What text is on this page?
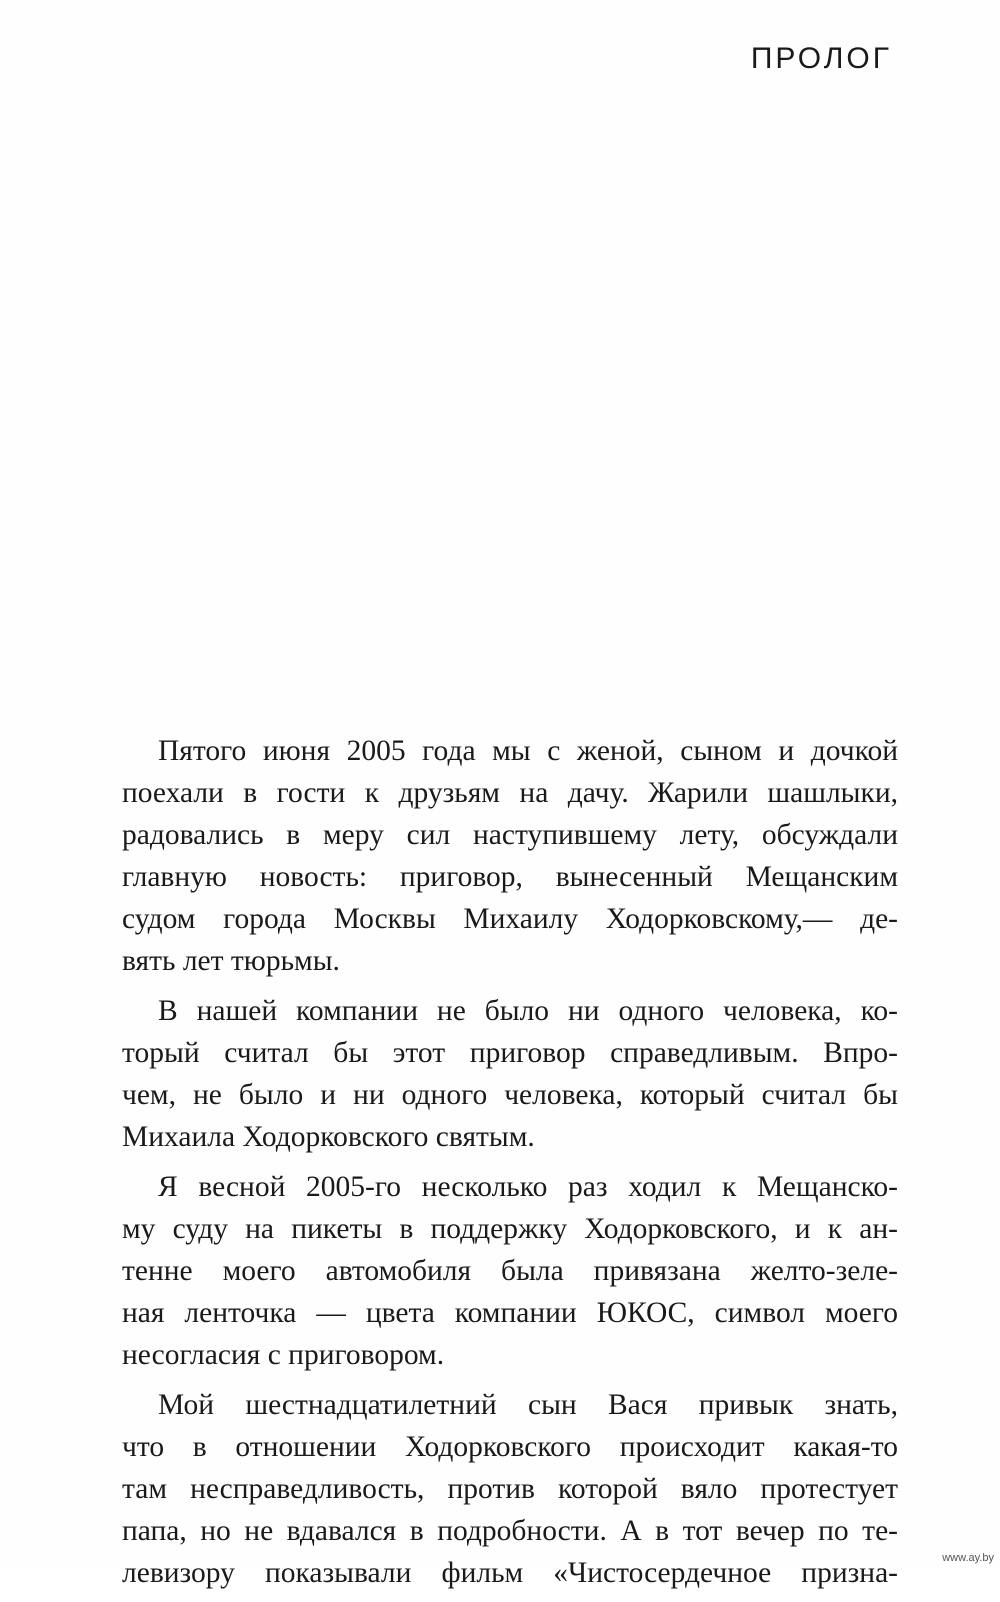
ПРОЛОГ

Пятого июня 2005 года мы с женой, сыном и дочкой
поехали в гости к друзьям на дачу. Жарили шашлыки,
радовались в меру сил наступившему лету, обсуждали
главную новость: приговор, вынесенный Мещанским
судом города Москвы Михаилу Ходорковскому,— де-
вять лет тюрьмы.

В нашей компании не было ни одного человека, ко-
торый считал бы этот приговор справедливым. Впро-
чем, не было и ни одного человека, который считал бы
Михаила Ходорковского святым.

Я весной 2005-го несколько раз ходил к Мещанско-
му суду на пикеты в поддержку Ходорковского, и к ан-
тенне моего автомобиля была привязана желто-зеле-
ная ленточка — цвета компании ЮКОС, символ моего
несогласия с приговором.

Мой шестнадцатилетний сын Вася привык знать,
что в отношении Ходорковского происходит какая-то
там несправедливость, против которой вяло протестует
папа, но не вдавался в подробности. А в тот вечер по те-
левизору показывали фильм «Чистосердечное призна-	www.ay.by
